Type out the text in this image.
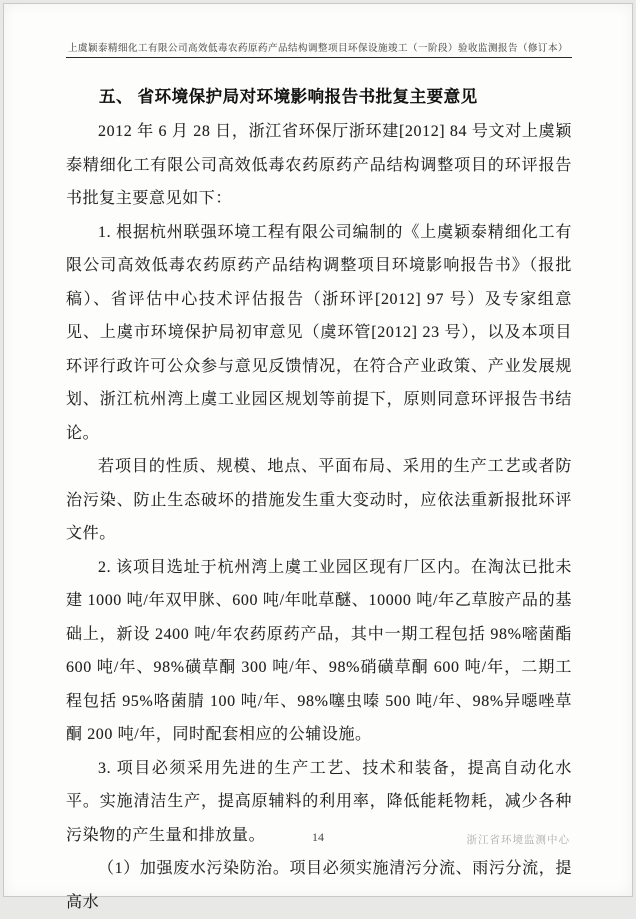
上虞颖泰精细化工有限公司高效低毒农药原药产品结构调整项目环保设施竣工（一阶段）验收监测报告（修订本）
五、 省环境保护局对环境影响报告书批复主要意见

2012 年 6 月 28 日，浙江省环保厅浙环建[2012] 84 号文对上虞颖泰精细化工有限公司高效低毒农药原药产品结构调整项目的环评报告书批复主要意见如下：

1. 根据杭州联强环境工程有限公司编制的《上虞颖泰精细化工有限公司高效低毒农药原药产品结构调整项目环境影响报告书》（报批稿）、省评估中心技术评估报告（浙环评[2012] 97 号）及专家组意见、上虞市环境保护局初审意见（虞环管[2012] 23 号），以及本项目环评行政许可公众参与意见反馈情况，在符合产业政策、产业发展规划、浙江杭州湾上虞工业园区规划等前提下，原则同意环评报告书结论。

若项目的性质、规模、地点、平面布局、采用的生产工艺或者防治污染、防止生态破坏的措施发生重大变动时，应依法重新报批环评文件。

2. 该项目选址于杭州湾上虞工业园区现有厂区内。在淘汰已批未建 1000 吨/年双甲脒、600 吨/年吡草醚、10000 吨/年乙草胺产品的基础上，新设 2400 吨/年农药原药产品，其中一期工程包括 98%嘧菌酯 600 吨/年、98%磺草酮 300 吨/年、98%硝磺草酮 600 吨/年，二期工程包括 95%咯菌腈 100 吨/年、98%噻虫嗪 500 吨/年、98%异噁唑草酮 200 吨/年，同时配套相应的公辅设施。

3. 项目必须采用先进的生产工艺、技术和装备，提高自动化水平。实施清洁生产，提高原辅料的利用率，降低能耗物耗，减少各种污染物的产生量和排放量。

（1）加强废水污染防治。项目必须实施清污分流、雨污分流，提高水

14	浙江省环境监测中心
